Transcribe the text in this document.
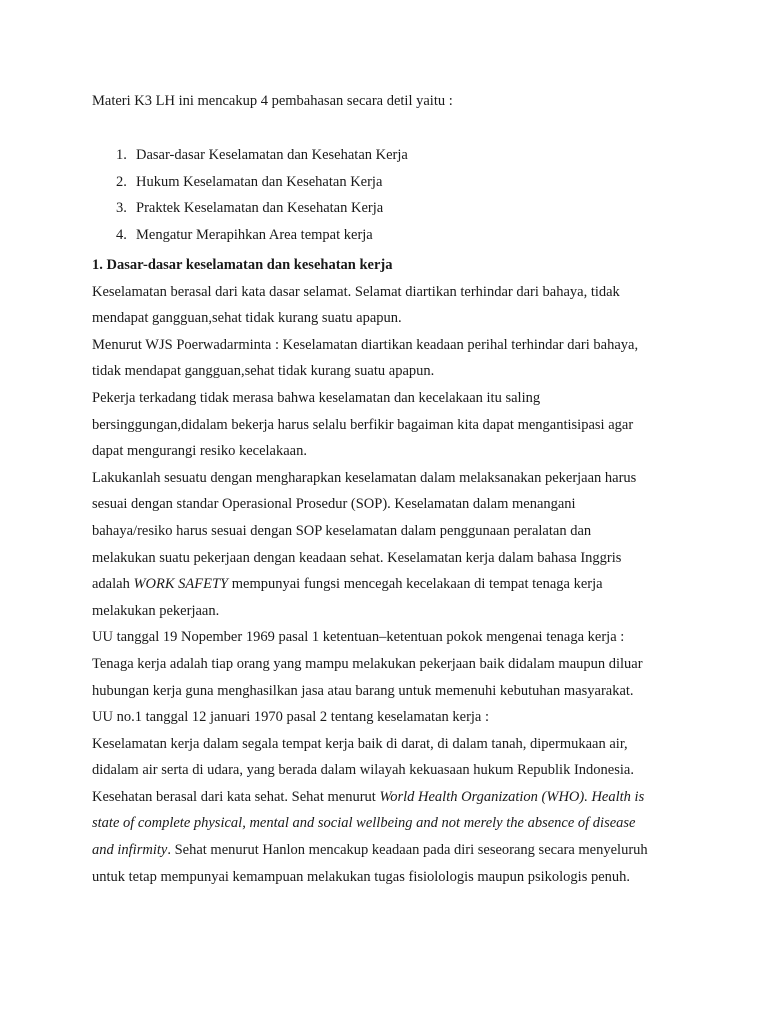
Materi K3 LH ini mencakup 4 pembahasan secara detil yaitu :

1. Dasar-dasar Keselamatan dan Kesehatan Kerja
2. Hukum Keselamatan dan Kesehatan Kerja
3. Praktek Keselamatan dan Kesehatan Kerja
4. Mengatur Merapihkan Area tempat kerja

1. Dasar-dasar keselamatan dan kesehatan kerja

Keselamatan berasal dari kata dasar selamat. Selamat diartikan terhindar dari bahaya, tidak

mendapat gangguan,sehat tidak kurang suatu apapun.

Menurut WJS Poerwadarminta : Keselamatan diartikan keadaan perihal terhindar dari bahaya,

tidak mendapat gangguan,sehat tidak kurang suatu apapun.

Pekerja terkadang tidak merasa bahwa keselamatan dan kecelakaan itu saling

bersinggungan,didalam bekerja harus selalu berfikir bagaiman kita dapat mengantisipasi agar

dapat mengurangi resiko kecelakaan.

Lakukanlah sesuatu dengan mengharapkan keselamatan dalam melaksanakan pekerjaan harus

sesuai dengan standar Operasional Prosedur (SOP). Keselamatan dalam menangani

bahaya/resiko harus sesuai dengan SOP keselamatan dalam penggunaan peralatan dan

melakukan suatu pekerjaan dengan keadaan sehat. Keselamatan kerja dalam bahasa Inggris

adalah WORK SAFETY mempunyai fungsi mencegah kecelakaan di tempat tenaga kerja

melakukan pekerjaan.

UU tanggal 19 Nopember 1969 pasal 1 ketentuan–ketentuan pokok mengenai tenaga kerja :

Tenaga kerja adalah tiap orang yang mampu melakukan pekerjaan baik didalam maupun diluar

hubungan kerja guna menghasilkan jasa atau barang untuk memenuhi kebutuhan masyarakat.

UU no.1 tanggal 12 januari 1970 pasal 2 tentang keselamatan kerja :

Keselamatan kerja dalam segala tempat kerja baik di darat, di dalam tanah, dipermukaan air,

didalam air serta di udara, yang berada dalam wilayah kekuasaan hukum Republik Indonesia.

Kesehatan berasal dari kata sehat. Sehat menurut World Health Organization (WHO). Health is

state of complete physical, mental and social wellbeing and not merely the absence of disease

and infirmity. Sehat menurut Hanlon mencakup keadaan pada diri seseorang secara menyeluruh

untuk tetap mempunyai kemampuan melakukan tugas fisiolologis maupun psikologis penuh.
